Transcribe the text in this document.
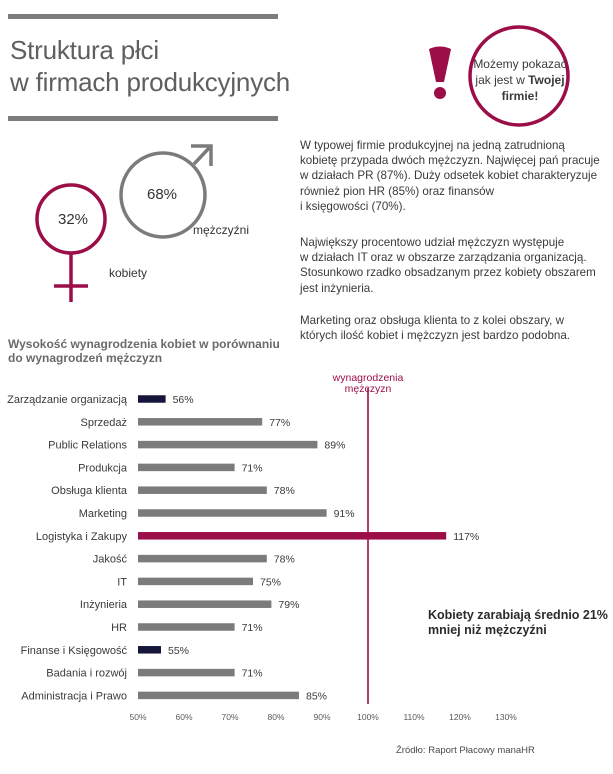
Struktura płci
w firmach produkcyjnych
Możemy pokazać
jak jest w Twojej
firmie!
32%
68%
kobiety
mężczyźni
W typowej firmie produkcyjnej na jedną zatrudnioną
kobietę przypada dwóch mężczyzn. Najwięcej pań pracuje
w działach PR (87%). Duży odsetek kobiet charakteryzuje
również pion HR (85%) oraz finansów
i księgowości (70%).
Największy procentowo udział mężczyzn występuje
w działach IT oraz w obszarze zarządzania organizacją.
Stosunkowo rzadko obsadzanym przez kobiety obszarem
jest inżynieria.
Marketing oraz obsługa klienta to z kolei obszary, w
których ilość kobiet i mężczyzn jest bardzo podobna.
Wysokość wynagrodzenia kobiet w porównaniu
do wynagrodzeń mężczyzn
wynagrodzenia
mężczyzn
Zarządzanie organizacją	56%
Sprzedaż	77%
Public Relations	89%
Produkcja	71%
Obsługa klienta	78%
Marketing	91%
Logistyka i Zakupy	117%
Jakość	78%
IT	75%
Inżynieria	79%
HR	71%
Finanse i Księgowość	55%
Badania i rozwój	71%
Administracja i Prawo	85%
50%	60%	70%	80%	90%	100%	110%	120%	130%
Kobiety zarabiają średnio 21%
mniej niż mężczyźni
Źródło: Raport Płacowy manaHR
